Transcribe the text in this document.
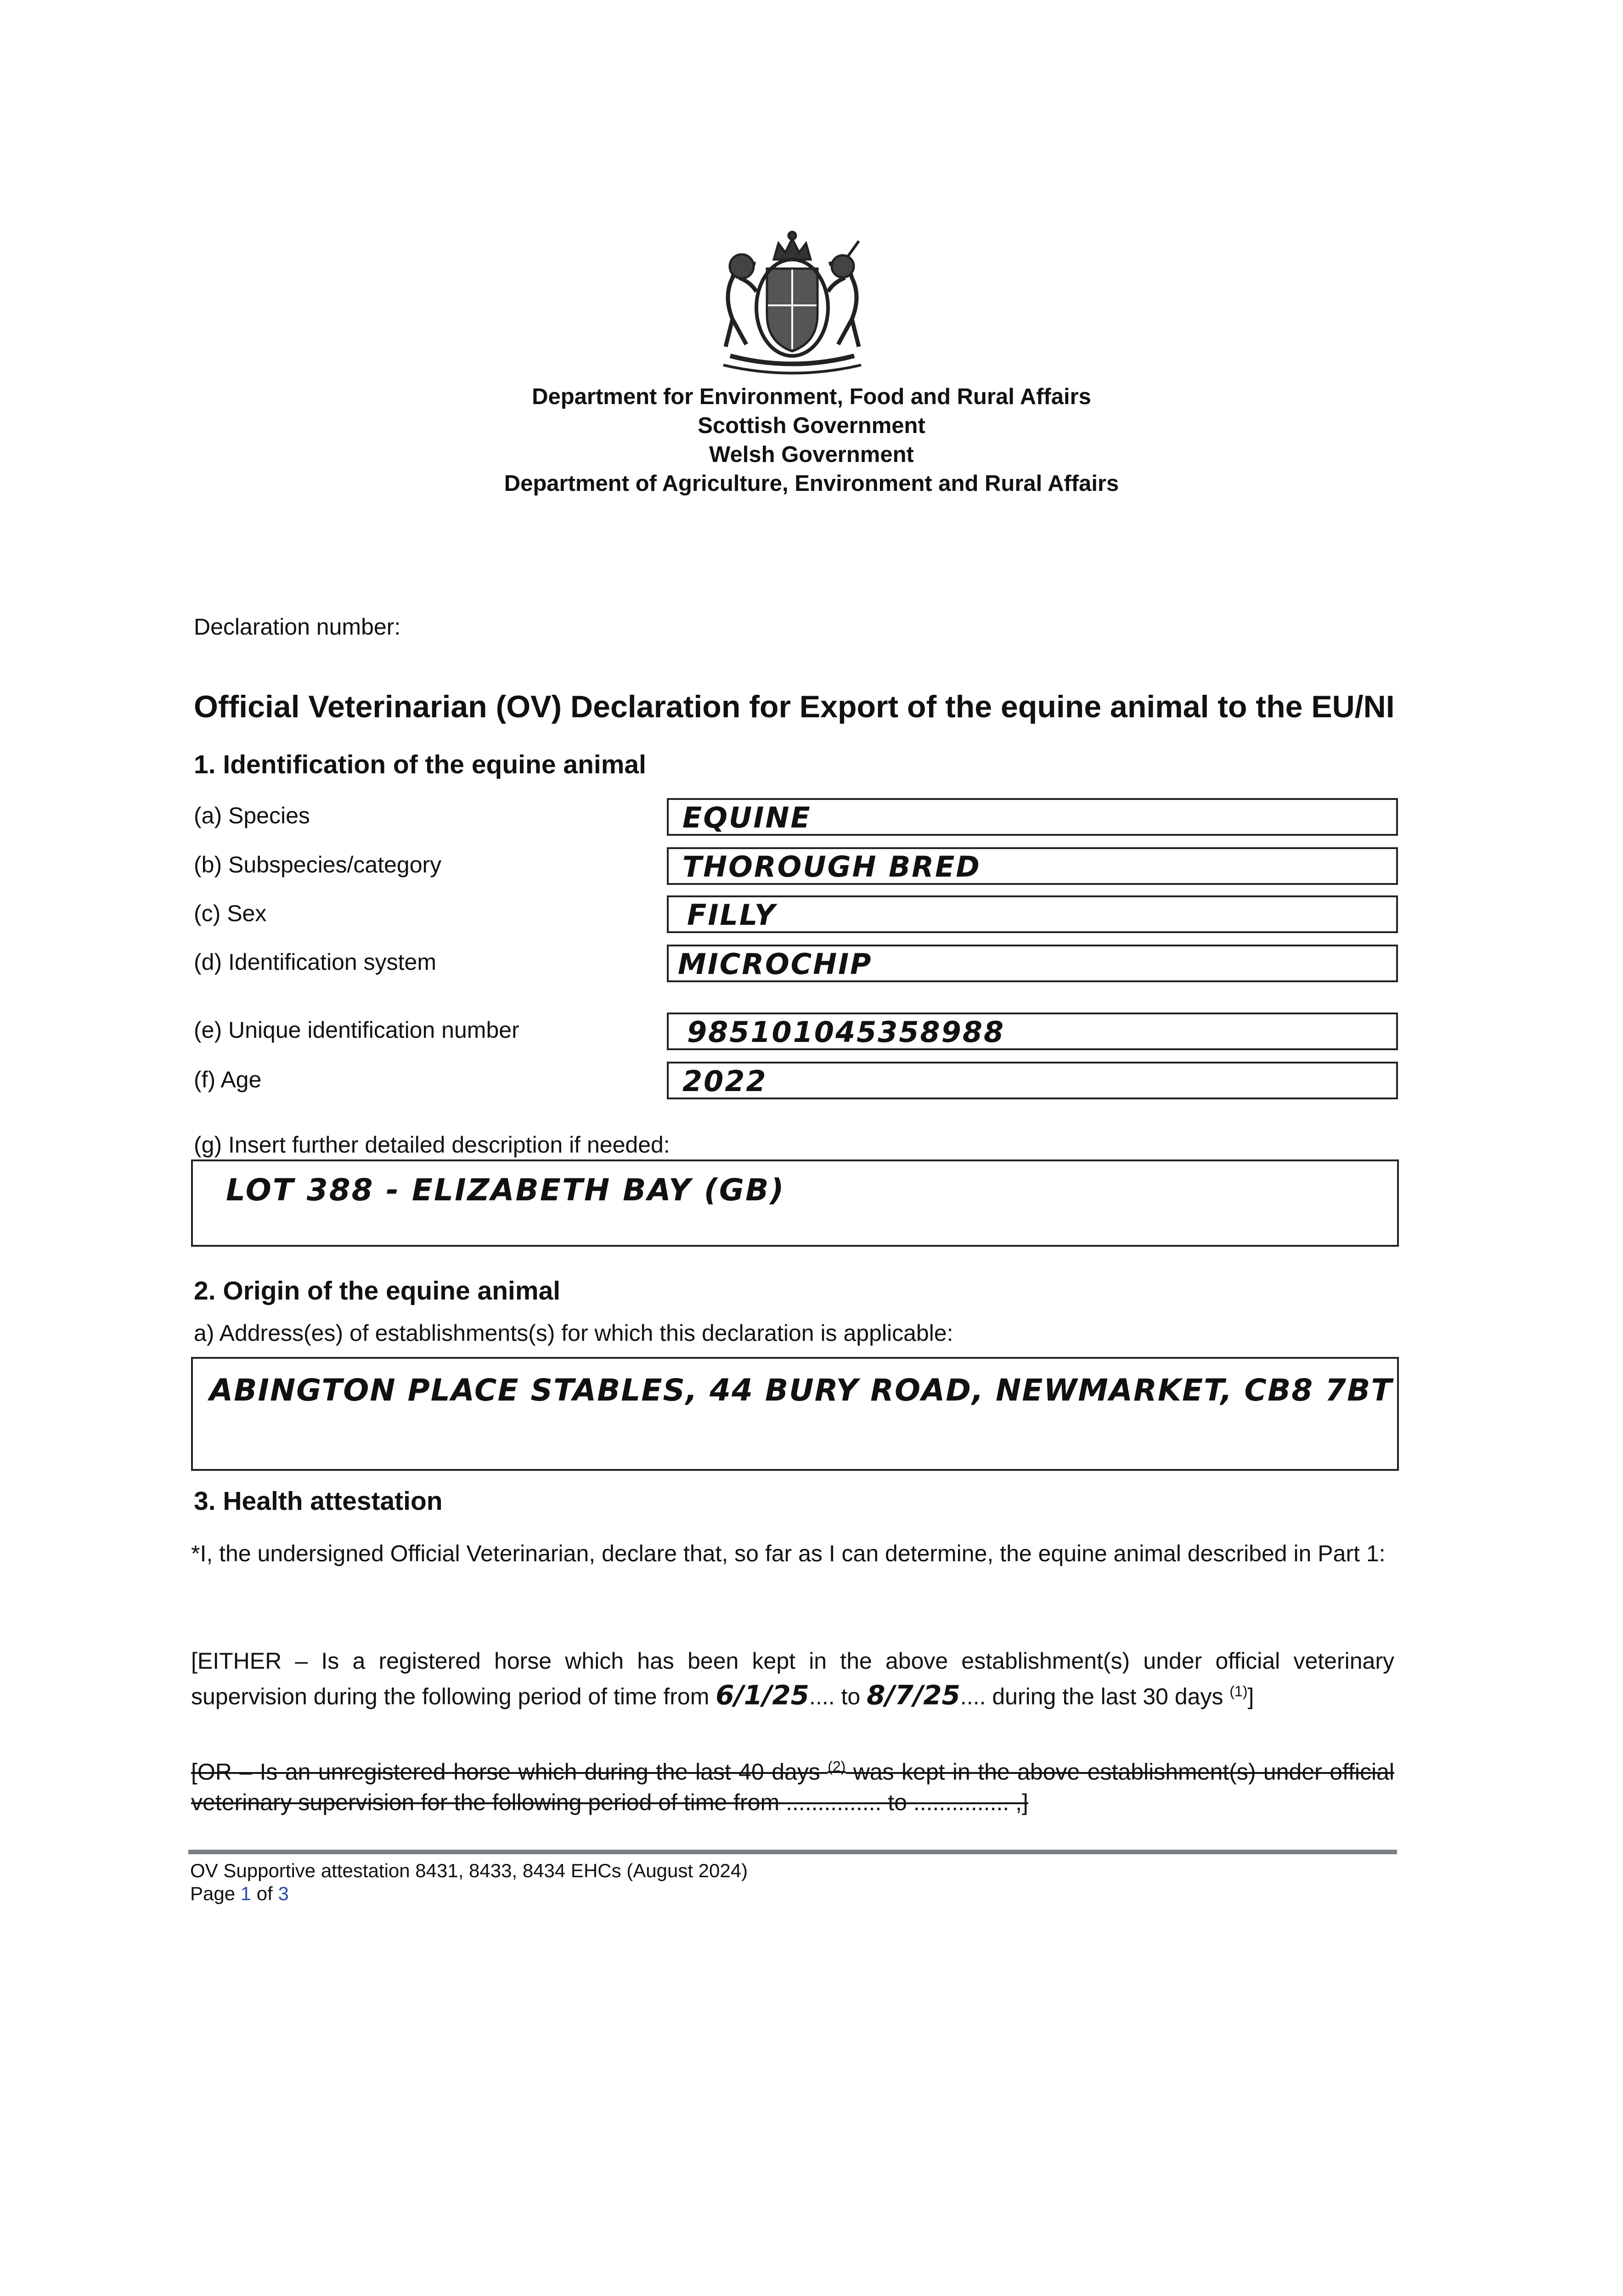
Department for Environment, Food and Rural Affairs
Scottish Government
Welsh Government
Department of Agriculture, Environment and Rural Affairs
Declaration number:
Official Veterinarian (OV) Declaration for Export of the equine animal to the EU/NI
1. Identification of the equine animal
(a) Species	EQUINE
(b) Subspecies/category	THOROUGH BRED
(c) Sex	FILLY
(d) Identification system	MICROCHIP
(e) Unique identification number	985101045358988
(f) Age	2022
(g) Insert further detailed description if needed:
LOT 388 - ELIZABETH BAY (GB)
2. Origin of the equine animal
a) Address(es) of establishments(s) for which this declaration is applicable:
ABINGTON PLACE STABLES, 44 BURY ROAD, NEWMARKET, CB8 7BT
3. Health attestation
*I, the undersigned Official Veterinarian, declare that, so far as I can determine, the equine animal described in Part 1:
[EITHER – Is a registered horse which has been kept in the above establishment(s) under official veterinary supervision during the following period of time from 6/1/25.... to 8/7/25.... during the last 30 days $^{(1)}$]
[OR – Is an unregistered horse which during the last 40 days $^{(2)}$ was kept in the above establishment(s) under official veterinary supervision for the following period of time from ............... to ............... ,]
OV Supportive attestation 8431, 8433, 8434 EHCs (August 2024)
Page 1 of 3
